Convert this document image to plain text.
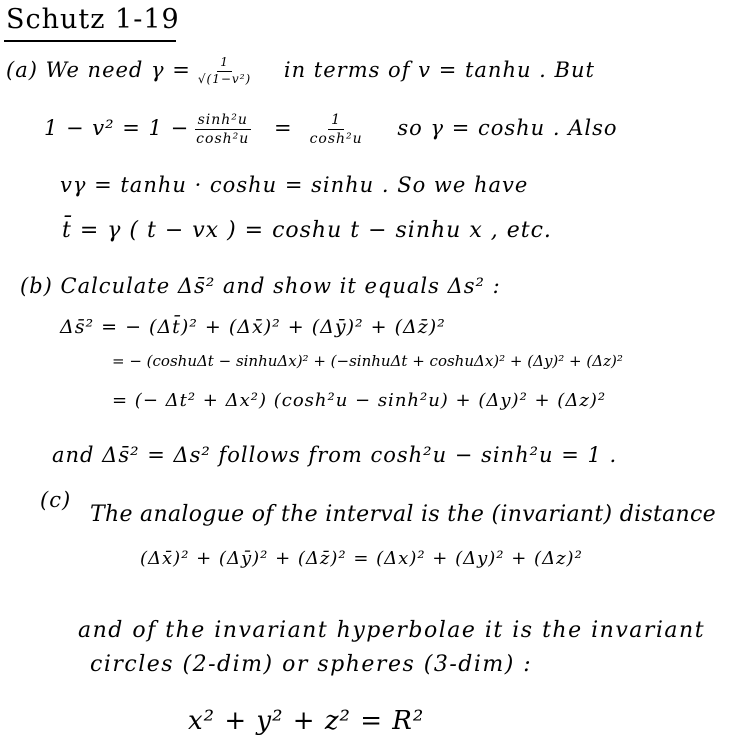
Schutz 1-19
(a) We need $\gamma = \frac{1}{\text{√(1−v²)}}$ in terms of v = tanhu . But
$1 - v^2 = 1 - \frac{\text{sinh²u}}{\text{cosh²u}} = \frac{1}{\text{cosh²u}}$ so γ = coshu . Also
vγ = tanhu · coshu = sinhu . So we have
t̄ = γ ( t − vx ) = coshu t − sinhu x , etc.
(b) Calculate Δs̄² and show it equals Δs² :
Δs̄² = − (Δt̄)² + (Δx̄)² + (Δȳ)² + (Δz̄)²
= − (coshuΔt − sinhuΔx)² + (−sinhuΔt + coshuΔx)² + (Δy)² + (Δz)²
= (− Δt² + Δx²) (cosh²u − sinh²u) + (Δy)² + (Δz)²
and Δs̄² = Δs² follows from cosh²u − sinh²u = 1 .
(c)
The analogue of the interval is the (invariant) distance
(Δx̄)² + (Δȳ)² + (Δz̄)² = (Δx)² + (Δy)² + (Δz)²
and of the invariant hyperbolae it is the invariant
circles (2-dim) or spheres (3-dim) :
x² + y² + z² = R²
